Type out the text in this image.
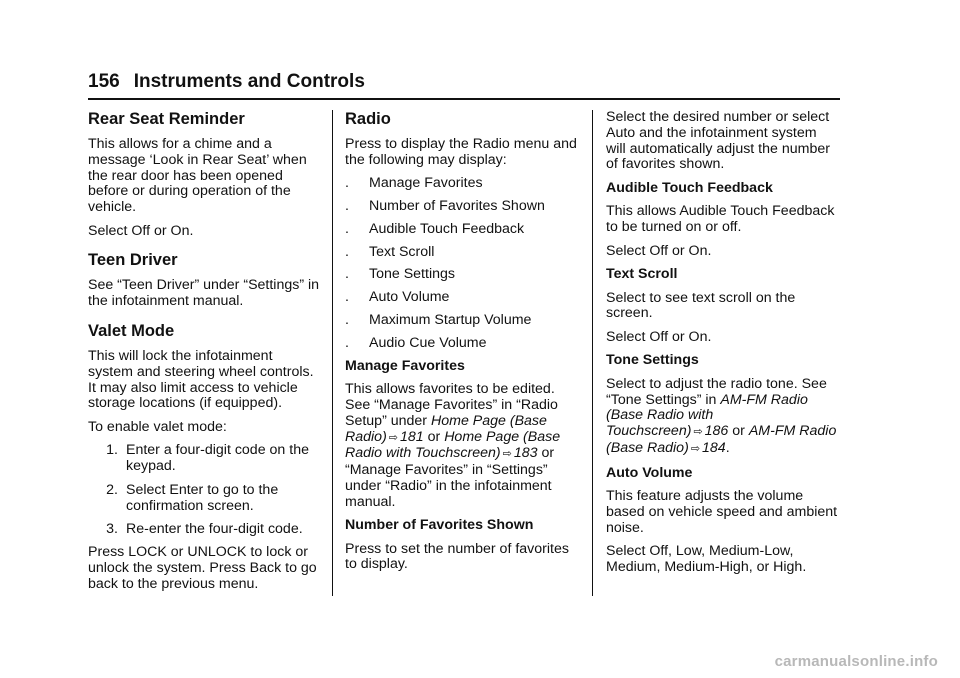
156 Instruments and Controls
Rear Seat Reminder

This allows for a chime and a message ‘Look in Rear Seat’ when the rear door has been opened before or during operation of the vehicle.

Select Off or On.

Teen Driver

See “Teen Driver” under “Settings” in the infotainment manual.

Valet Mode

This will lock the infotainment system and steering wheel controls. It may also limit access to vehicle storage locations (if equipped).

To enable valet mode:

1. Enter a four-digit code on the keypad.
2. Select Enter to go to the confirmation screen.
3. Re-enter the four-digit code.

Press LOCK or UNLOCK to lock or unlock the system. Press Back to go back to the previous menu.

Radio

Press to display the Radio menu and the following may display:

.	Manage Favorites
.	Number of Favorites Shown
.	Audible Touch Feedback
.	Text Scroll
.	Tone Settings
.	Auto Volume
.	Maximum Startup Volume
.	Audio Cue Volume

Manage Favorites

This allows favorites to be edited. See “Manage Favorites” in “Radio Setup” under Home Page (Base Radio) ⇨ 181 or Home Page (Base Radio with Touchscreen) ⇨ 183 or “Manage Favorites” in “Settings” under “Radio” in the infotainment manual.

Number of Favorites Shown

Press to set the number of favorites to display.

Select the desired number or select Auto and the infotainment system will automatically adjust the number of favorites shown.

Audible Touch Feedback

This allows Audible Touch Feedback to be turned on or off.

Select Off or On.

Text Scroll

Select to see text scroll on the screen.

Select Off or On.

Tone Settings

Select to adjust the radio tone. See “Tone Settings” in AM-FM Radio (Base Radio with Touchscreen) ⇨ 186 or AM-FM Radio (Base Radio) ⇨ 184.

Auto Volume

This feature adjusts the volume based on vehicle speed and ambient noise.

Select Off, Low, Medium-Low, Medium, Medium-High, or High.

carmanualsonline.info
